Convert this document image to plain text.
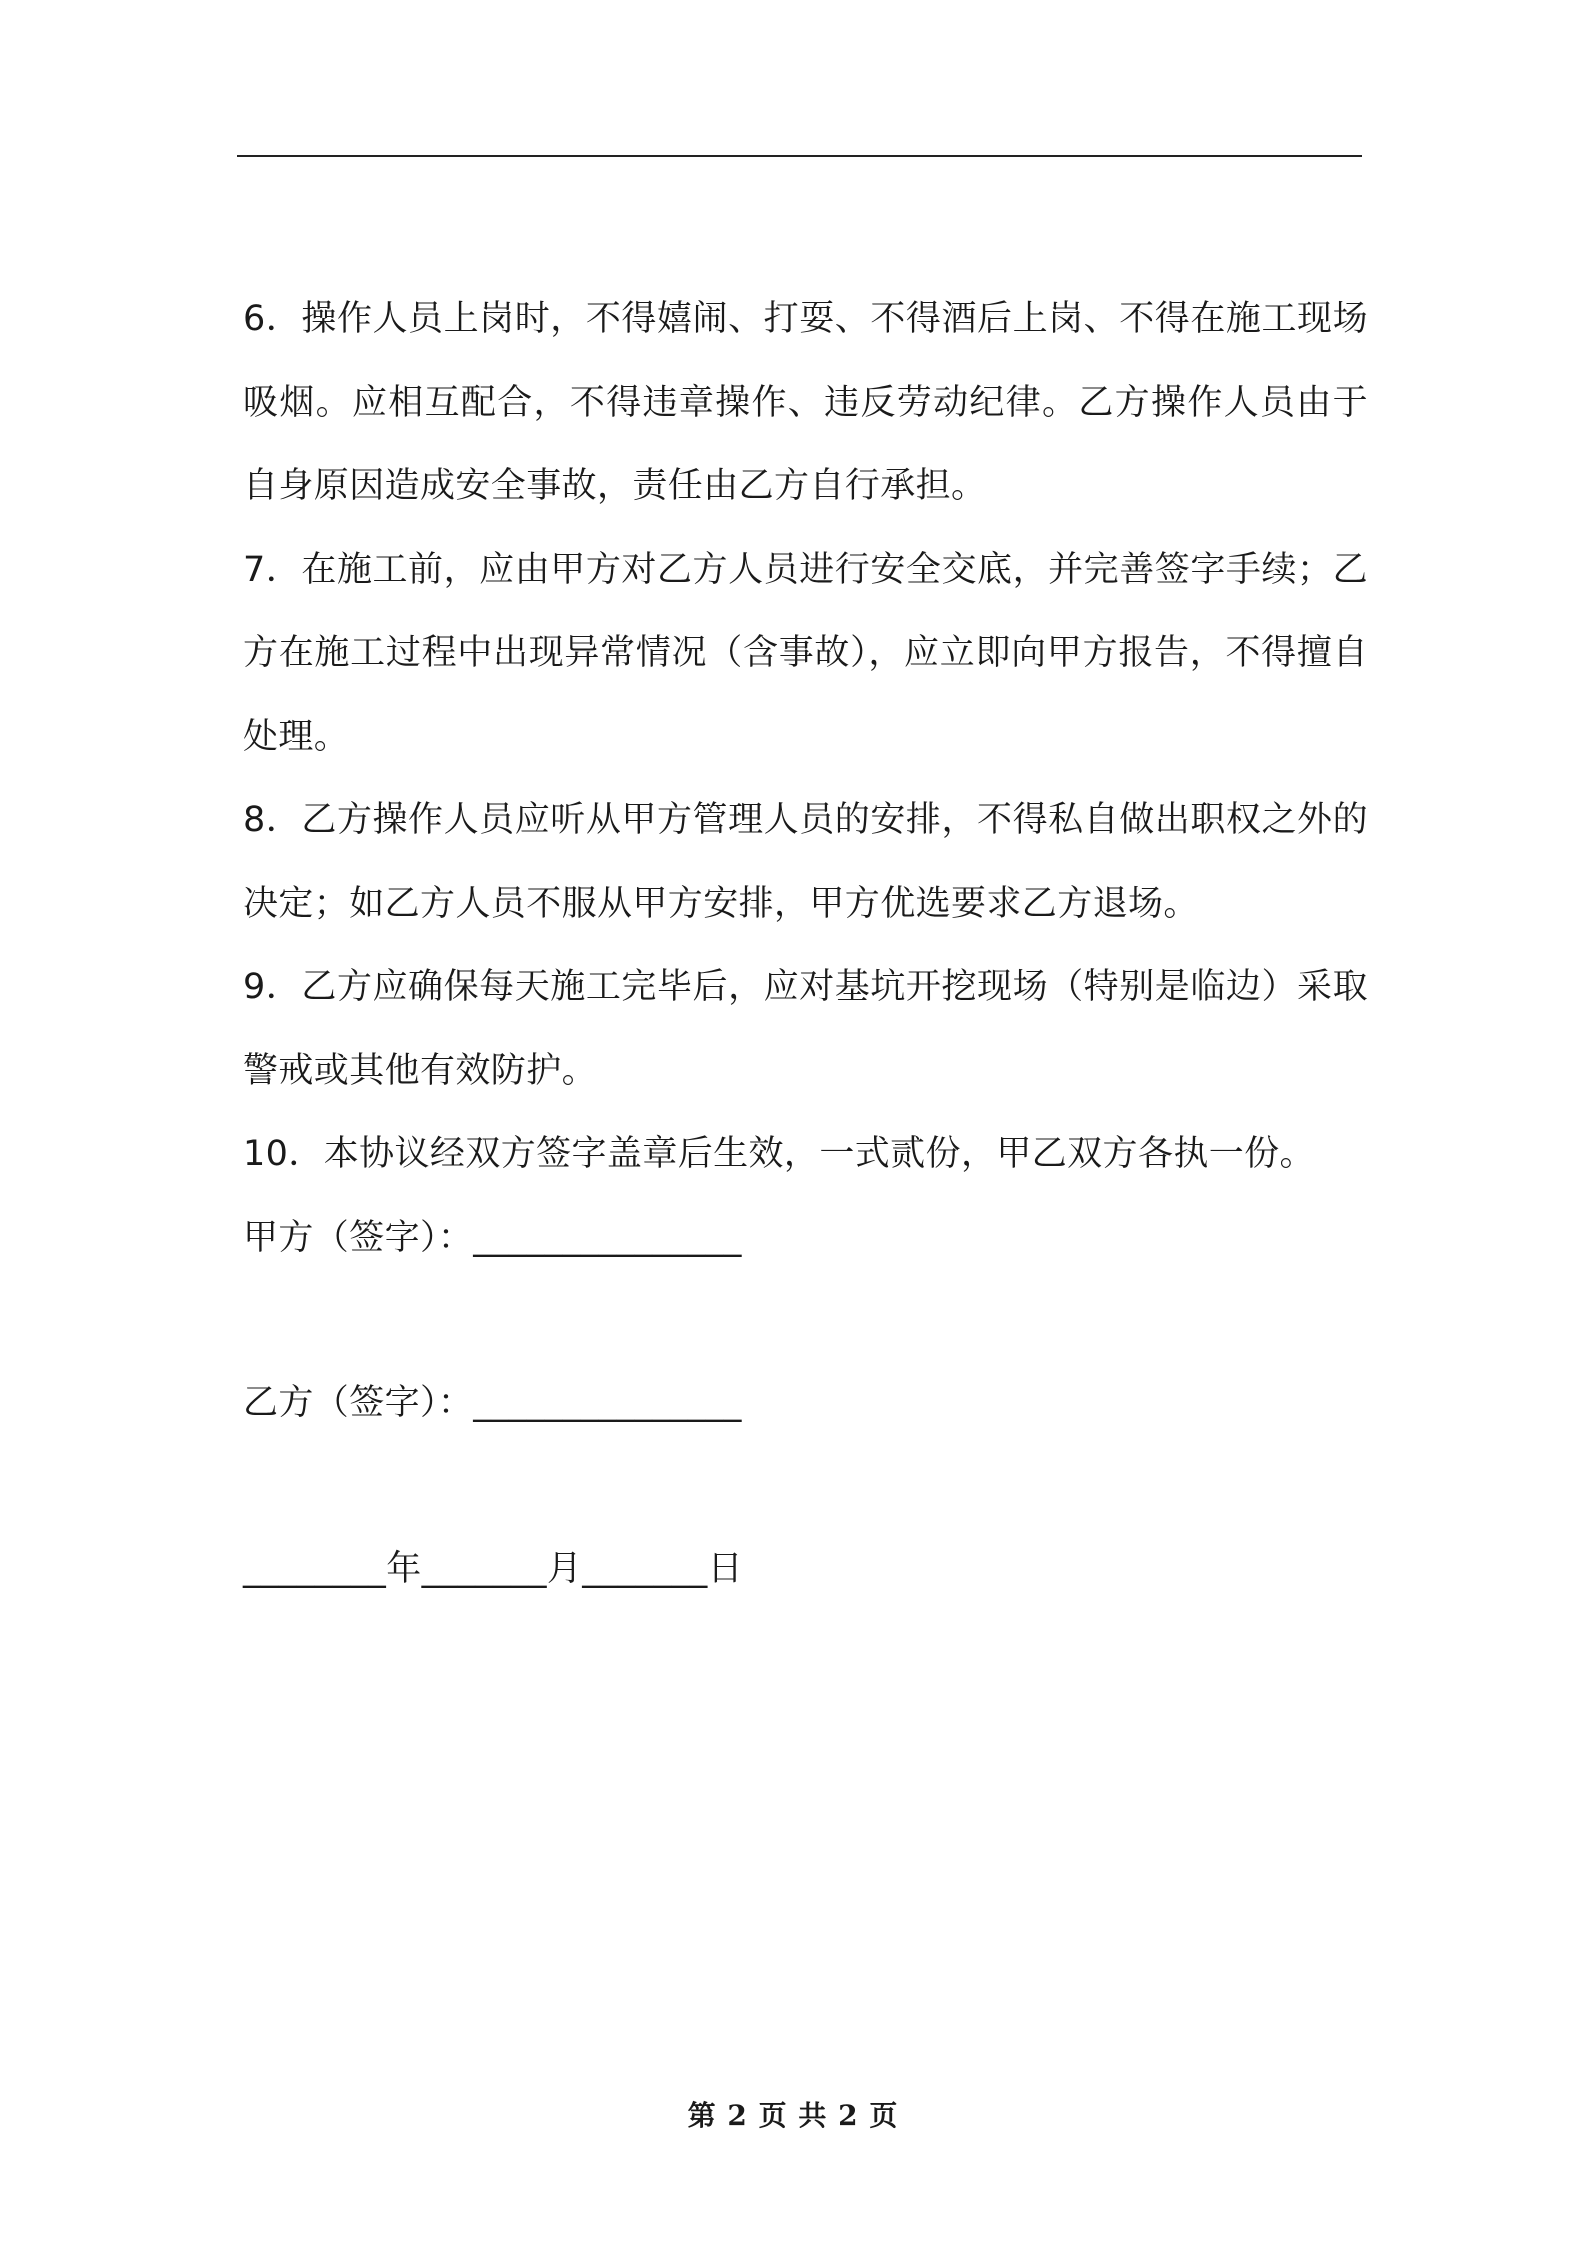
6．操作人员上岗时，不得嬉闹、打耍、不得酒后上岗、不得在施工现场吸烟。应相互配合，不得违章操作、违反劳动纪律。乙方操作人员由于自身原因造成安全事故，责任由乙方自行承担。

7．在施工前，应由甲方对乙方人员进行安全交底，并完善签字手续；乙方在施工过程中出现异常情况（含事故），应立即向甲方报告，不得擅自处理。

8．乙方操作人员应听从甲方管理人员的安排，不得私自做出职权之外的决定；如乙方人员不服从甲方安排，甲方优选要求乙方退场。

9．乙方应确保每天施工完毕后，应对基坑开挖现场（特别是临边）采取警戒或其他有效防护。

10．本协议经双方签字盖章后生效，一式贰份，甲乙双方各执一份。

甲方（签字）：_______________

乙方（签字）：_______________

________年_______月_______日

第 2 页 共 2 页
